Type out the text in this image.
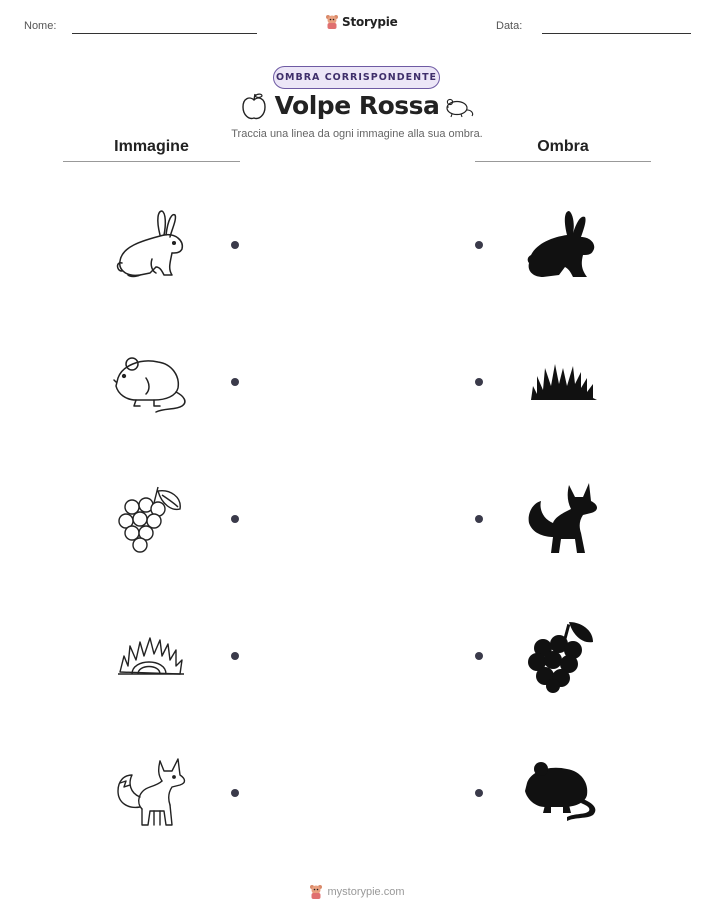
Nome:	Storypie	Data:
OMBRA CORRISPONDENTE
Volpe Rossa
Traccia una linea da ogni immagine alla sua ombra.
Immagine	Ombra
mystorypie.com
